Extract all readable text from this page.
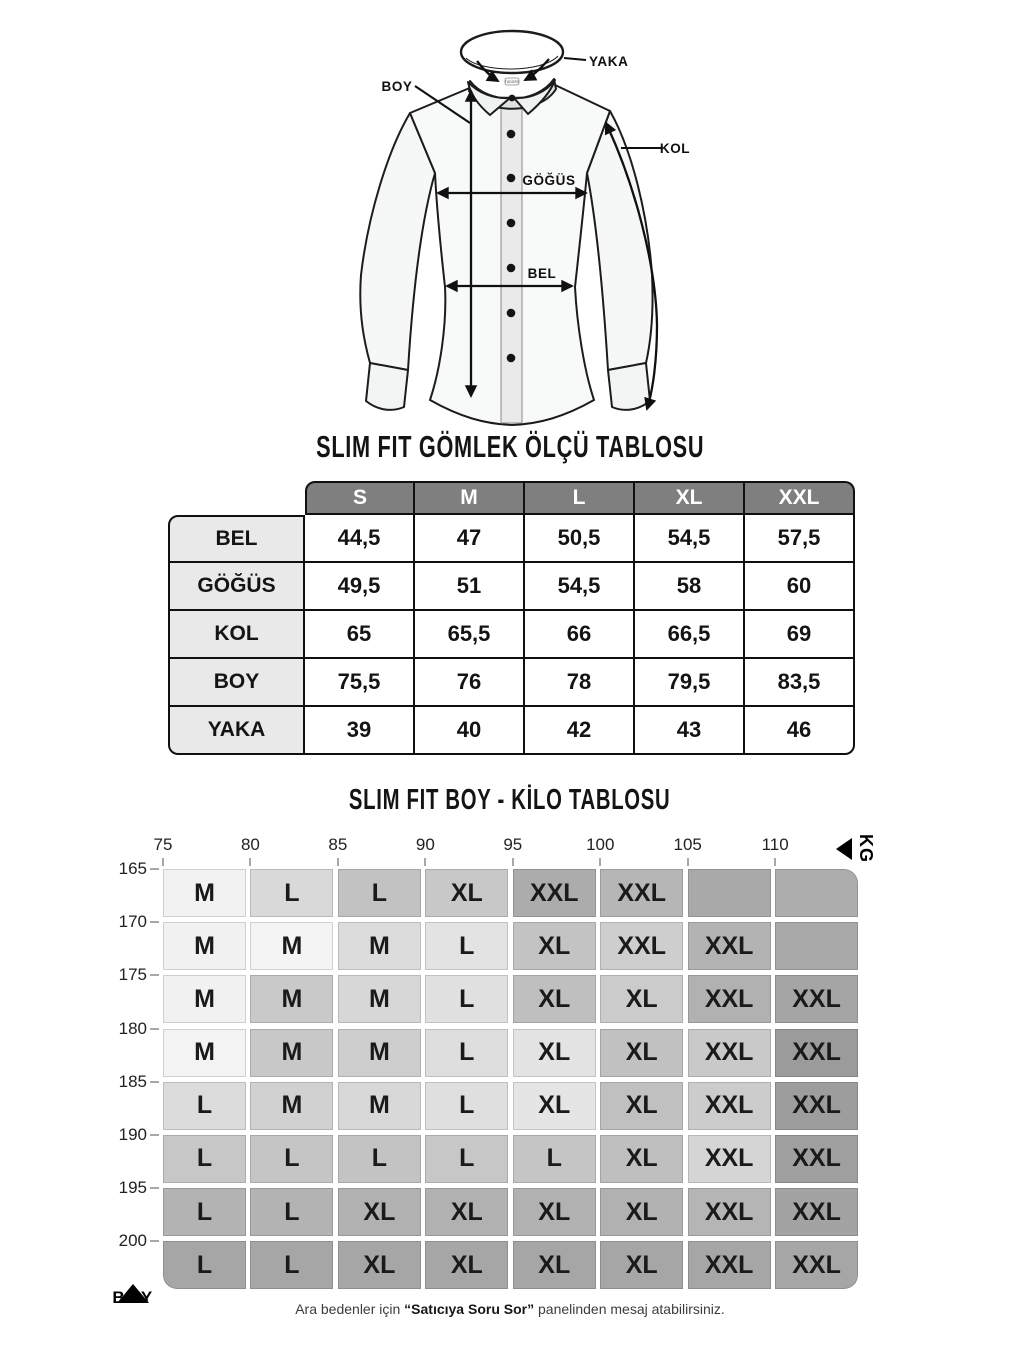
TUDORS
YAKA
BOY
KOL
GÖĞÜS
BEL
SLIM FIT GÖMLEK ÖLÇÜ TABLOSU
S	M	L	XL	XXL
BEL	44,5	47	50,5	54,5	57,5
GÖĞÜS	49,5	51	54,5	58	60
KOL	65	65,5	66	66,5	69
BOY	75,5	76	78	79,5	83,5
YAKA	39	40	42	43	46
SLIM FIT BOY - KİLO TABLOSU
75	80	85	90	95	100	105	110	KG
165
170
175
180
185
190
195
200
M	L	L	XL	XXL	XXL
M	M	M	L	XL	XXL	XXL
M	M	M	L	XL	XL	XXL	XXL
M	M	M	L	XL	XL	XXL	XXL
L	M	M	L	XL	XL	XXL	XXL
L	L	L	L	L	XL	XXL	XXL
L	L	XL	XL	XL	XL	XXL	XXL
L	L	XL	XL	XL	XL	XXL	XXL
BOY
Ara bedenler için “Satıcıya Soru Sor” panelinden mesaj atabilirsiniz.
